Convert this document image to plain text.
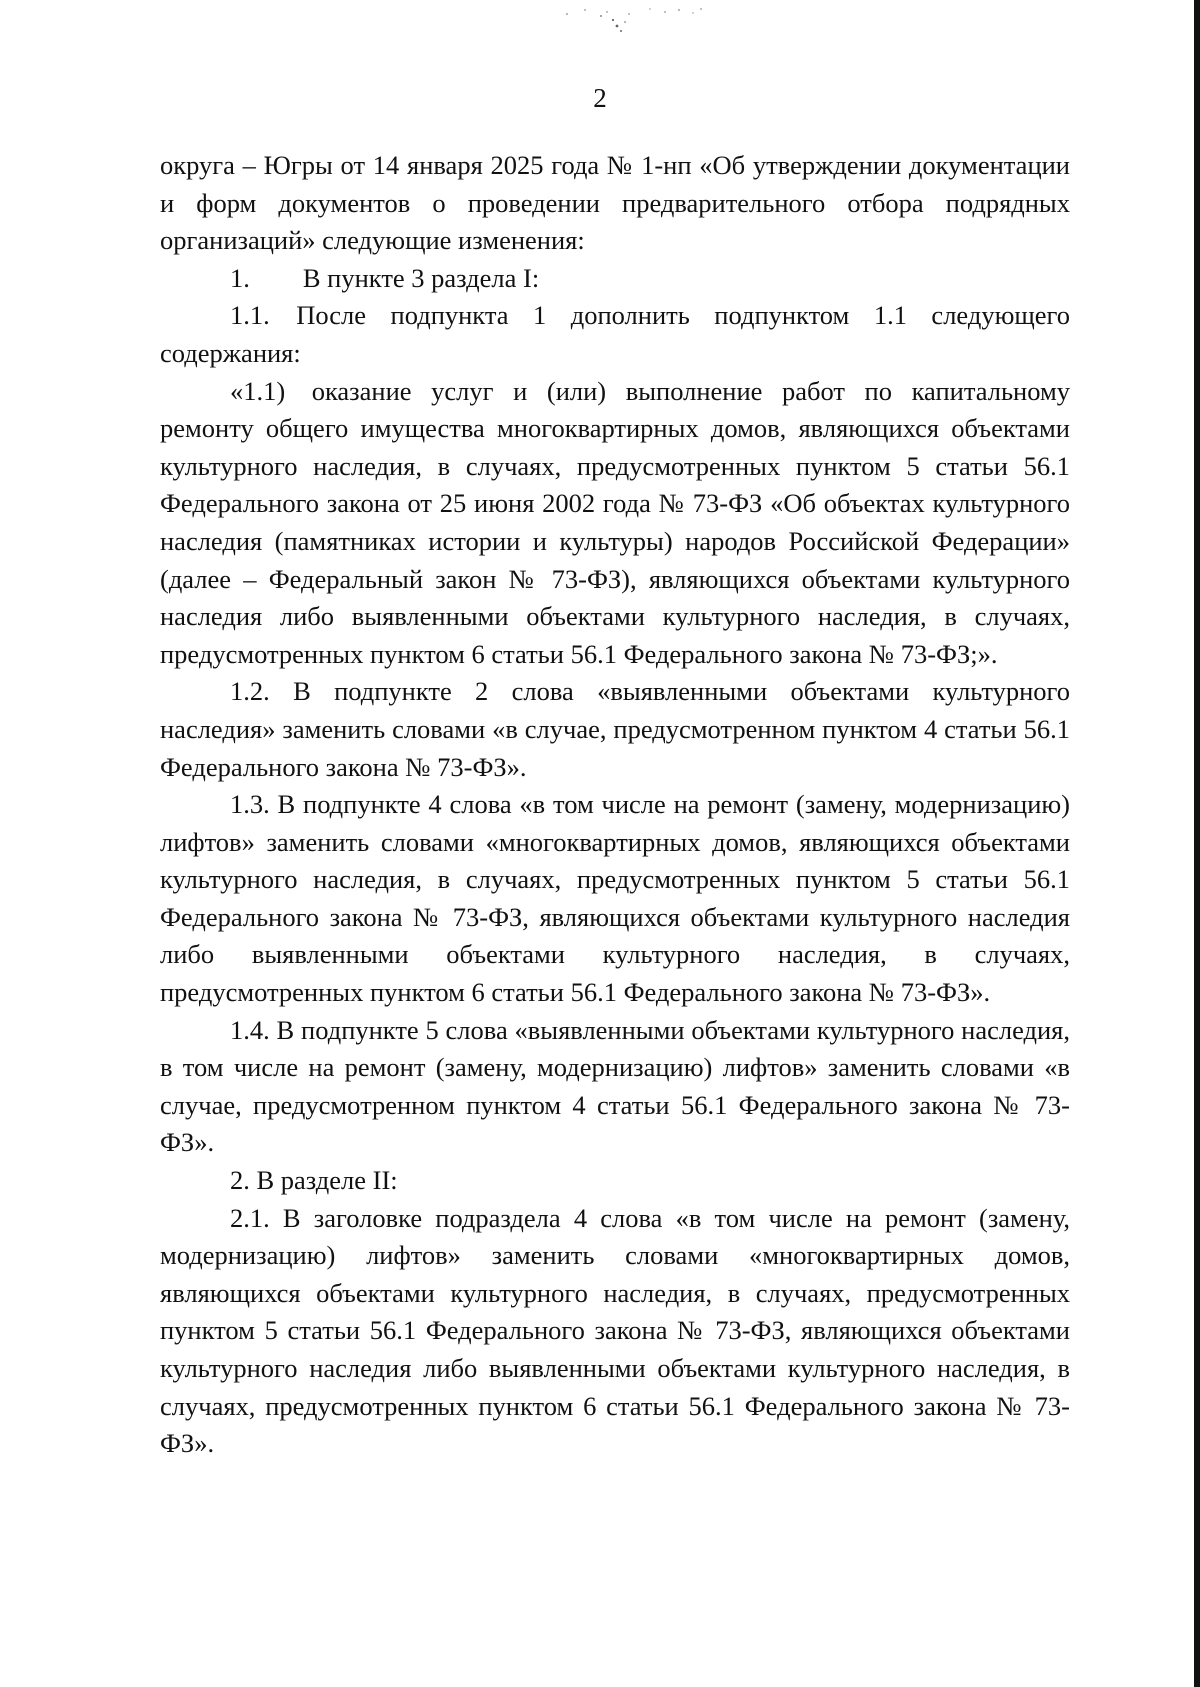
2

округа – Югры от 14 января 2025 года № 1-нп «Об утверждении документации и форм документов о проведении предварительного отбора подрядных организаций» следующие изменения:

1.  В пункте 3 раздела I:

1.1. После подпункта 1 дополнить подпунктом 1.1 следующего содержания:

«1.1) оказание услуг и (или) выполнение работ по капитальному ремонту общего имущества многоквартирных домов, являющихся объектами культурного наследия, в случаях, предусмотренных пунктом 5 статьи 56.1 Федерального закона от 25 июня 2002 года № 73-ФЗ «Об объектах культурного наследия (памятниках истории и культуры) народов Российской Федерации» (далее – Федеральный закон № 73-ФЗ), являющихся объектами культурного наследия либо выявленными объектами культурного наследия, в случаях, предусмотренных пунктом 6 статьи 56.1 Федерального закона № 73-ФЗ;».

1.2. В подпункте 2 слова «выявленными объектами культурного наследия» заменить словами «в случае, предусмотренном пунктом 4 статьи 56.1 Федерального закона № 73-ФЗ».

1.3. В подпункте 4 слова «в том числе на ремонт (замену, модернизацию) лифтов» заменить словами «многоквартирных домов, являющихся объектами культурного наследия, в случаях, предусмотренных пунктом 5 статьи 56.1 Федерального закона № 73-ФЗ, являющихся объектами культурного наследия либо выявленными объектами культурного наследия, в случаях, предусмотренных пунктом 6 статьи 56.1 Федерального закона № 73-ФЗ».

1.4. В подпункте 5 слова «выявленными объектами культурного наследия, в том числе на ремонт (замену, модернизацию) лифтов» заменить словами «в случае, предусмотренном пунктом 4 статьи 56.1 Федерального закона № 73-ФЗ».

2. В разделе II:

2.1. В заголовке подраздела 4 слова «в том числе на ремонт (замену, модернизацию) лифтов» заменить словами «многоквартирных домов, являющихся объектами культурного наследия, в случаях, предусмотренных пунктом 5 статьи 56.1 Федерального закона № 73-ФЗ, являющихся объектами культурного наследия либо выявленными объектами культурного наследия, в случаях, предусмотренных пунктом 6 статьи 56.1 Федерального закона № 73-ФЗ».
